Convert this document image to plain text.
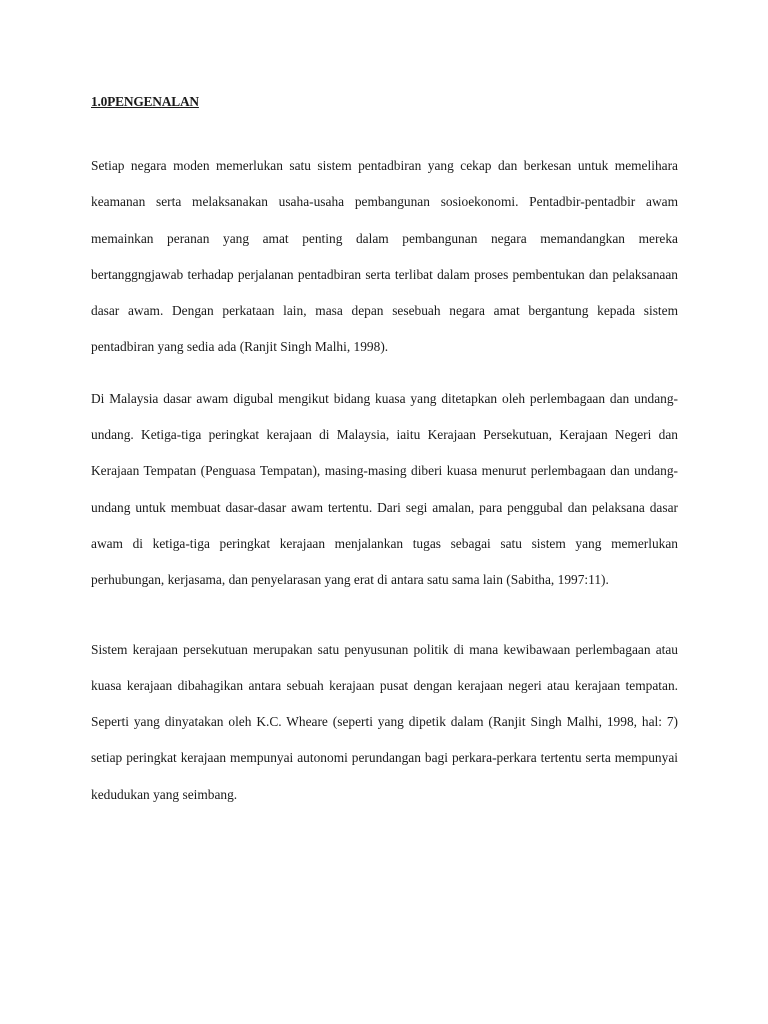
1.0PENGENALAN

Setiap negara moden memerlukan satu sistem pentadbiran yang cekap dan berkesan untuk memelihara keamanan serta melaksanakan usaha-usaha pembangunan sosioekonomi. Pentadbir-pentadbir awam memainkan peranan yang amat penting dalam pembangunan negara memandangkan mereka bertanggngjawab terhadap perjalanan pentadbiran serta terlibat dalam proses pembentukan dan pelaksanaan dasar awam. Dengan perkataan lain, masa depan sesebuah negara amat bergantung kepada sistem pentadbiran yang sedia ada (Ranjit Singh Malhi, 1998).

Di Malaysia dasar awam digubal mengikut bidang kuasa yang ditetapkan oleh perlembagaan dan undang-undang. Ketiga-tiga peringkat kerajaan di Malaysia, iaitu Kerajaan Persekutuan, Kerajaan Negeri dan Kerajaan Tempatan (Penguasa Tempatan), masing-masing diberi kuasa menurut perlembagaan dan undang-undang untuk membuat dasar-dasar awam tertentu. Dari segi amalan, para penggubal dan pelaksana dasar awam di ketiga-tiga peringkat kerajaan menjalankan tugas sebagai satu sistem yang memerlukan perhubungan, kerjasama, dan penyelarasan yang erat di antara satu sama lain (Sabitha, 1997:11).

Sistem kerajaan persekutuan merupakan satu penyusunan politik di mana kewibawaan perlembagaan atau kuasa kerajaan dibahagikan antara sebuah kerajaan pusat dengan kerajaan negeri atau kerajaan tempatan. Seperti yang dinyatakan oleh K.C. Wheare (seperti yang dipetik dalam (Ranjit Singh Malhi, 1998, hal: 7) setiap peringkat kerajaan mempunyai autonomi perundangan bagi perkara-perkara tertentu serta mempunyai kedudukan yang seimbang.
